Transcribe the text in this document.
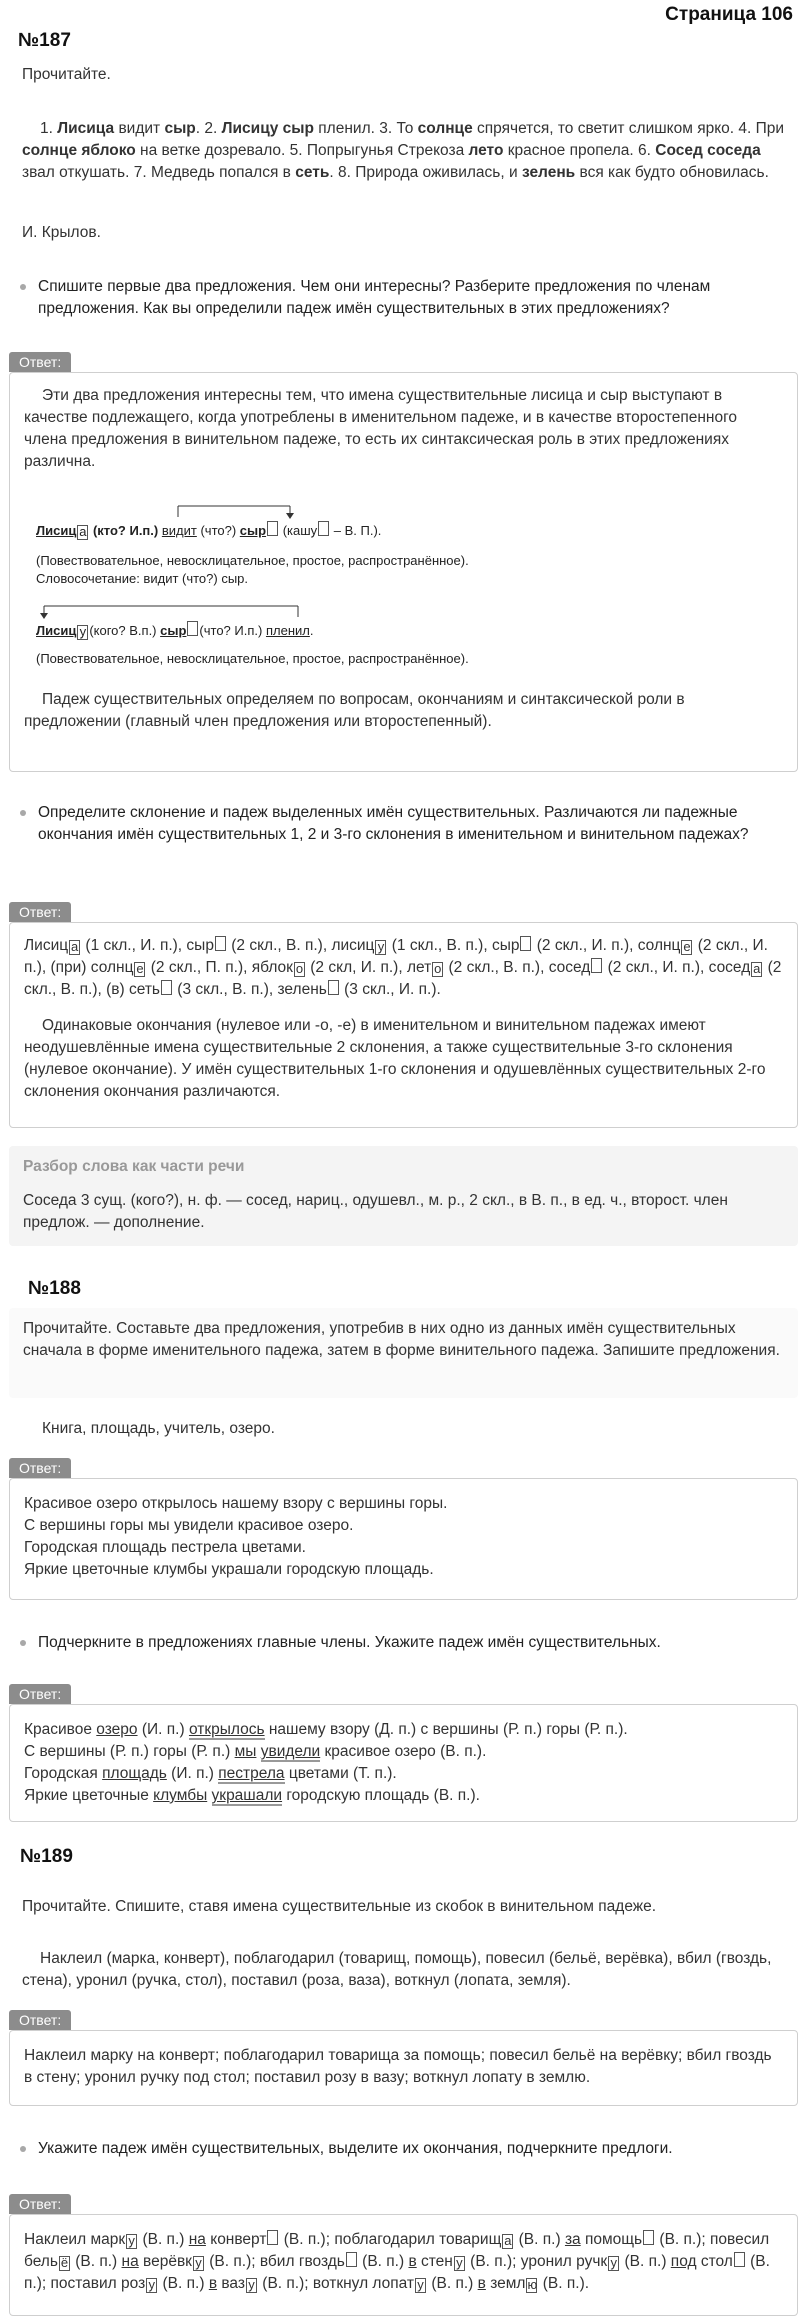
Страница 106
№187
Прочитайте.

1. Лисица видит сыр. 2. Лисицу сыр пленил. 3. То солнце спрячется, то светит слишком ярко. 4. При солнце яблоко на ветке дозревало. 5. Попрыгунья Стрекоза лето красное пропела. 6. Сосед соседа звал откушать. 7. Медведь попался в сеть. 8. Природа оживилась, и зелень вся как будто обновилась.

И. Крылов.
Спишите первые два предложения. Чем они интересны? Разберите предложения по членам предложения. Как вы определили падеж имён существительных в этих предложениях?
Ответ:

Эти два предложения интересны тем, что имена существительные лисица и сыр выступают в качестве подлежащего, когда употреблены в именительном падеже, и в качестве второстепенного члена предложения в винительном падеже, то есть их синтаксическая роль в этих предложениях различна.

Лисиц а (кто? И.п.) видит (что?) сыр (кашу – В. П.).
(Повествовательное, невосклицательное, простое, распространённое).
Словосочетание: видит (что?) сыр.
Лисиц у (кого? В.п.) сыр (что? И.п.) пленил.
(Повествовательное, невосклицательное, простое, распространённое).

Падеж существительных определяем по вопросам, окончаниям и синтаксической роли в предложении (главный член предложения или второстепенный).

Определите склонение и падеж выделенных имён существительных. Различаются ли падежные окончания имён существительных 1, 2 и 3-го склонения в именительном и винительном падежах?
Ответ:

Лисиц а (1 скл., И. п.), сыр (2 скл., В. п.), лисиц у (1 скл., В. п.), сыр (2 скл., И. п.), солнц е (2 скл., И. п.), (при) солнц е (2 скл., П. п.), яблок о (2 скл, И. п.), лет о (2 скл., В. п.), сосед (2 скл., И. п.), сосед а (2 скл., В. п.), (в) сеть (3 скл., В. п.), зелень (3 скл., И. п.).

Одинаковые окончания (нулевое или -о, -е) в именительном и винительном падежах имеют неодушевлённые имена существительные 2 склонения, а также существительные 3-го склонения (нулевое окончание). У имён существительных 1-го склонения и одушевлённых существительных 2-го склонения окончания различаются.

Разбор слова как части речи

Соседа 3 сущ. (кого?), н. ф. — сосед, нариц., одушевл., м. р., 2 скл., в В. п., в ед. ч., второст. член предлож. — дополнение.

№188

Прочитайте. Составьте два предложения, употребив в них одно из данных имён существительных сначала в форме именительного падежа, затем в форме винительного падежа. Запишите предложения.

Книга, площадь, учитель, озеро.
Ответ:

Красивое озеро открылось нашему взору с вершины горы.

С вершины горы мы увидели красивое озеро.

Городская площадь пестрела цветами.

Яркие цветочные клумбы украшали городскую площадь.

Подчеркните в предложениях главные члены. Укажите падеж имён существительных.
Ответ:

Красивое озеро (И. п.) открылось нашему взору (Д. п.) с вершины (Р. п.) горы (Р. п.).

С вершины (Р. п.) горы (Р. п.) мы увидели красивое озеро (В. п.).

Городская площадь (И. п.) пестрела цветами (Т. п.).

Яркие цветочные клумбы украшали городскую площадь (В. п.).

№189
Прочитайте. Спишите, ставя имена существительные из скобок в винительном падеже.

Наклеил (марка, конверт), поблагодарил (товарищ, помощь), повесил (бельё, верёвка), вбил (гвоздь, стена), уронил (ручка, стол), поставил (роза, ваза), воткнул (лопата, земля).

Ответ:

Наклеил марку на конверт; поблагодарил товарища за помощь; повесил бельё на верёвку; вбил гвоздь в стену; уронил ручку под стол; поставил розу в вазу; воткнул лопату в землю.

Укажите падеж имён существительных, выделите их окончания, подчеркните предлоги.
Ответ:

Наклеил марк у (В. п.) на конверт (В. п.); поблагодарил товарищ а (В. п.) за помощь (В. п.); повесил бель ё (В. п.) на верёвк у (В. п.); вбил гвоздь (В. п.) в стен у (В. п.); уронил ручк у (В. п.) под стол (В. п.); поставил роз у (В. п.) в ваз у (В. п.); воткнул лопат у (В. п.) в земл ю (В. п.).
